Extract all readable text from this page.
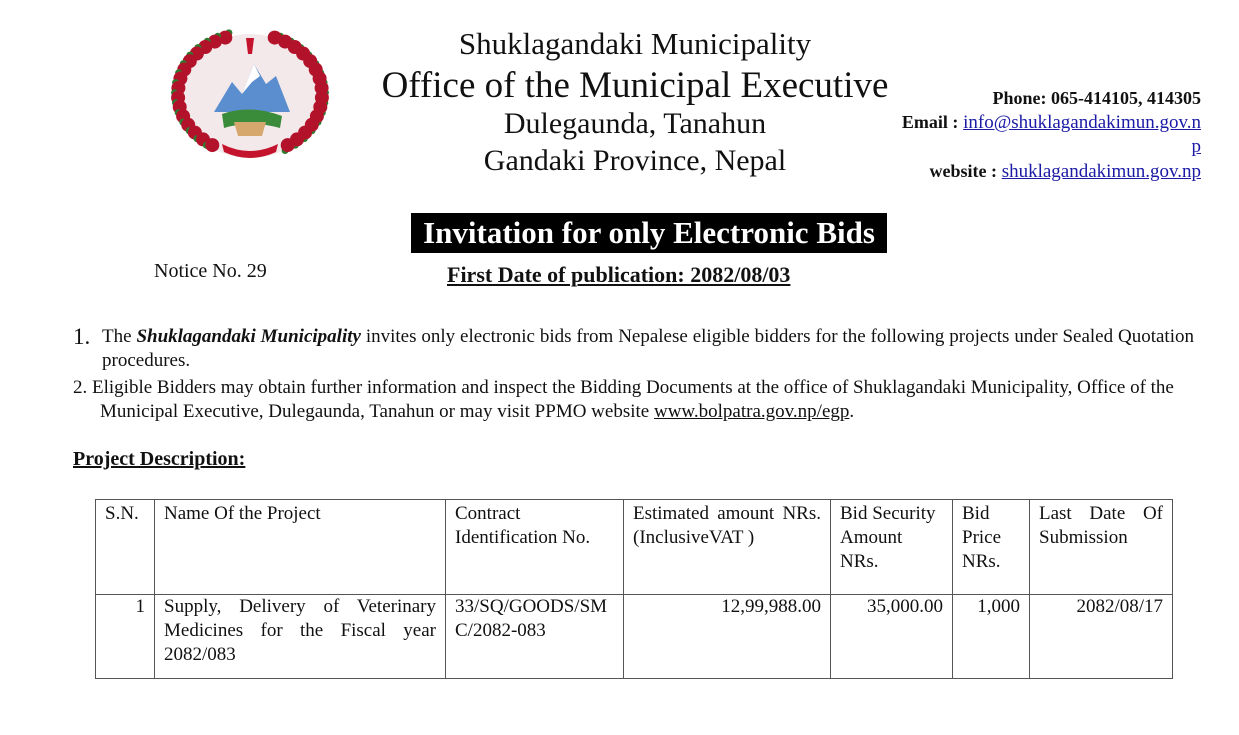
Shuklagandaki Municipality
Office of the Municipal Executive
Dulegaunda, Tanahun
Gandaki Province, Nepal
Phone: 065-414105, 414305
Email : info@shuklagandakimun.gov.n
p
website : shuklagandakimun.gov.np
Invitation for only Electronic Bids
Notice No. 29	First Date of publication: 2082/08/03
1. The Shuklagandaki Municipality invites only electronic bids from Nepalese eligible bidders for the following projects under Sealed Quotation procedures.
2. Eligible Bidders may obtain further information and inspect the Bidding Documents at the office of Shuklagandaki Municipality, Office of the Municipal Executive, Dulegaunda, Tanahun or may visit PPMO website www.bolpatra.gov.np/egp.
Project Description:
S.N.	Name Of the Project	Contract Identification No.	Estimated amount NRs.(InclusiveVAT )	Bid Security Amount NRs.	Bid Price NRs.	Last Date Of Submission
1	Supply, Delivery of Veterinary Medicines for the Fiscal year 2082/083	33/SQ/GOODS/SMC/2082-083	12,99,988.00	35,000.00	1,000	2082/08/17
